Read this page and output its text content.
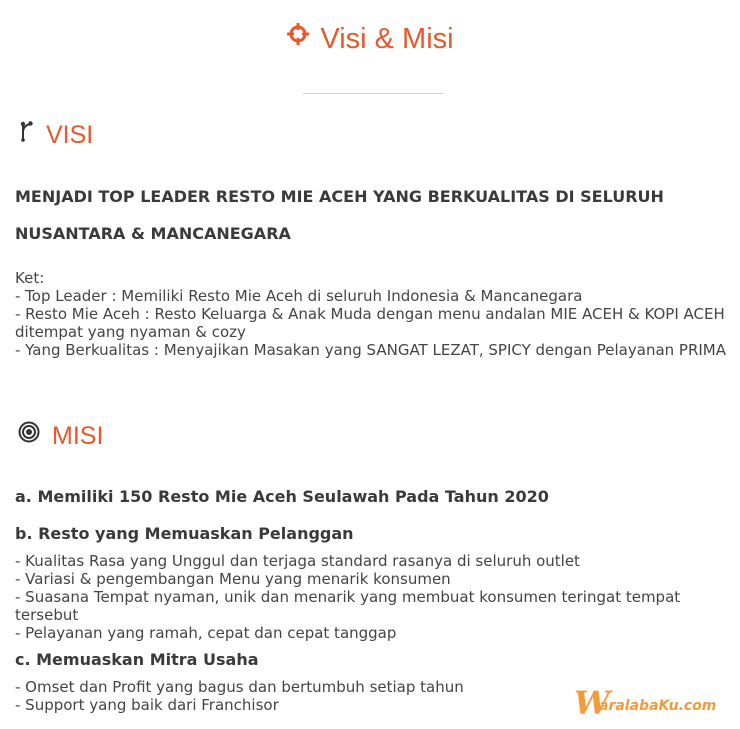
Visi & Misi
VISI
MENJADI TOP LEADER RESTO MIE ACEH YANG BERKUALITAS DI SELURUH
NUSANTARA & MANCANEGARA
Ket:
- Top Leader : Memiliki Resto Mie Aceh di seluruh Indonesia & Mancanegara
- Resto Mie Aceh : Resto Keluarga & Anak Muda dengan menu andalan MIE ACEH & KOPI ACEH ditempat yang nyaman & cozy
- Yang Berkualitas : Menyajikan Masakan yang SANGAT LEZAT, SPICY dengan Pelayanan PRIMA
MISI
a. Memiliki 150 Resto Mie Aceh Seulawah Pada Tahun 2020
b. Resto yang Memuaskan Pelanggan
- Kualitas Rasa yang Unggul dan terjaga standard rasanya di seluruh outlet
- Variasi & pengembangan Menu yang menarik konsumen
- Suasana Tempat nyaman, unik dan menarik yang membuat konsumen teringat tempat tersebut
- Pelayanan yang ramah, cepat dan cepat tanggap
c. Memuaskan Mitra Usaha
- Omset dan Profit yang bagus dan bertumbuh setiap tahun
- Support yang baik dari Franchisor	W
aralabaKu.com
